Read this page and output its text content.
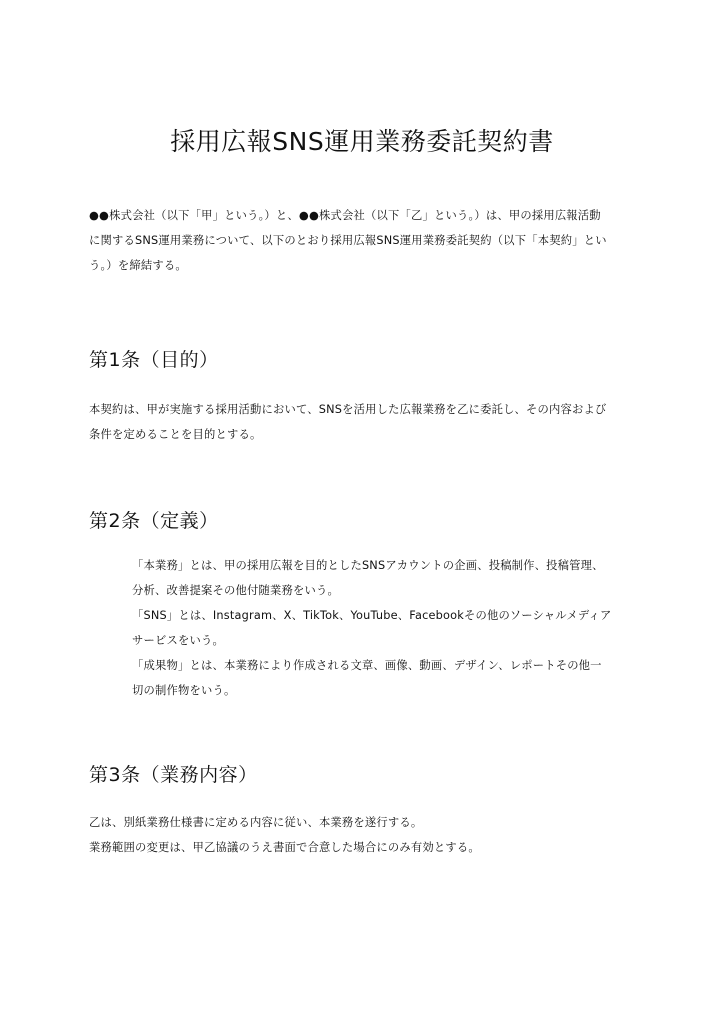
採用広報SNS運用業務委託契約書

●●株式会社（以下「甲」という。）と、●●株式会社（以下「乙」という。）は、甲の採用広報活動

に関するSNS運用業務について、以下のとおり採用広報SNS運用業務委託契約（以下「本契約」とい

う。）を締結する。

第1条（目的）

本契約は、甲が実施する採用活動において、SNSを活用した広報業務を乙に委託し、その内容および

条件を定めることを目的とする。

第2条（定義）

「本業務」とは、甲の採用広報を目的としたSNSアカウントの企画、投稿制作、投稿管理、

分析、改善提案その他付随業務をいう。

「SNS」とは、Instagram、X、TikTok、YouTube、Facebookその他のソーシャルメディア

サービスをいう。

「成果物」とは、本業務により作成される文章、画像、動画、デザイン、レポートその他一

切の制作物をいう。

第3条（業務内容）

乙は、別紙業務仕様書に定める内容に従い、本業務を遂行する。

業務範囲の変更は、甲乙協議のうえ書面で合意した場合にのみ有効とする。
